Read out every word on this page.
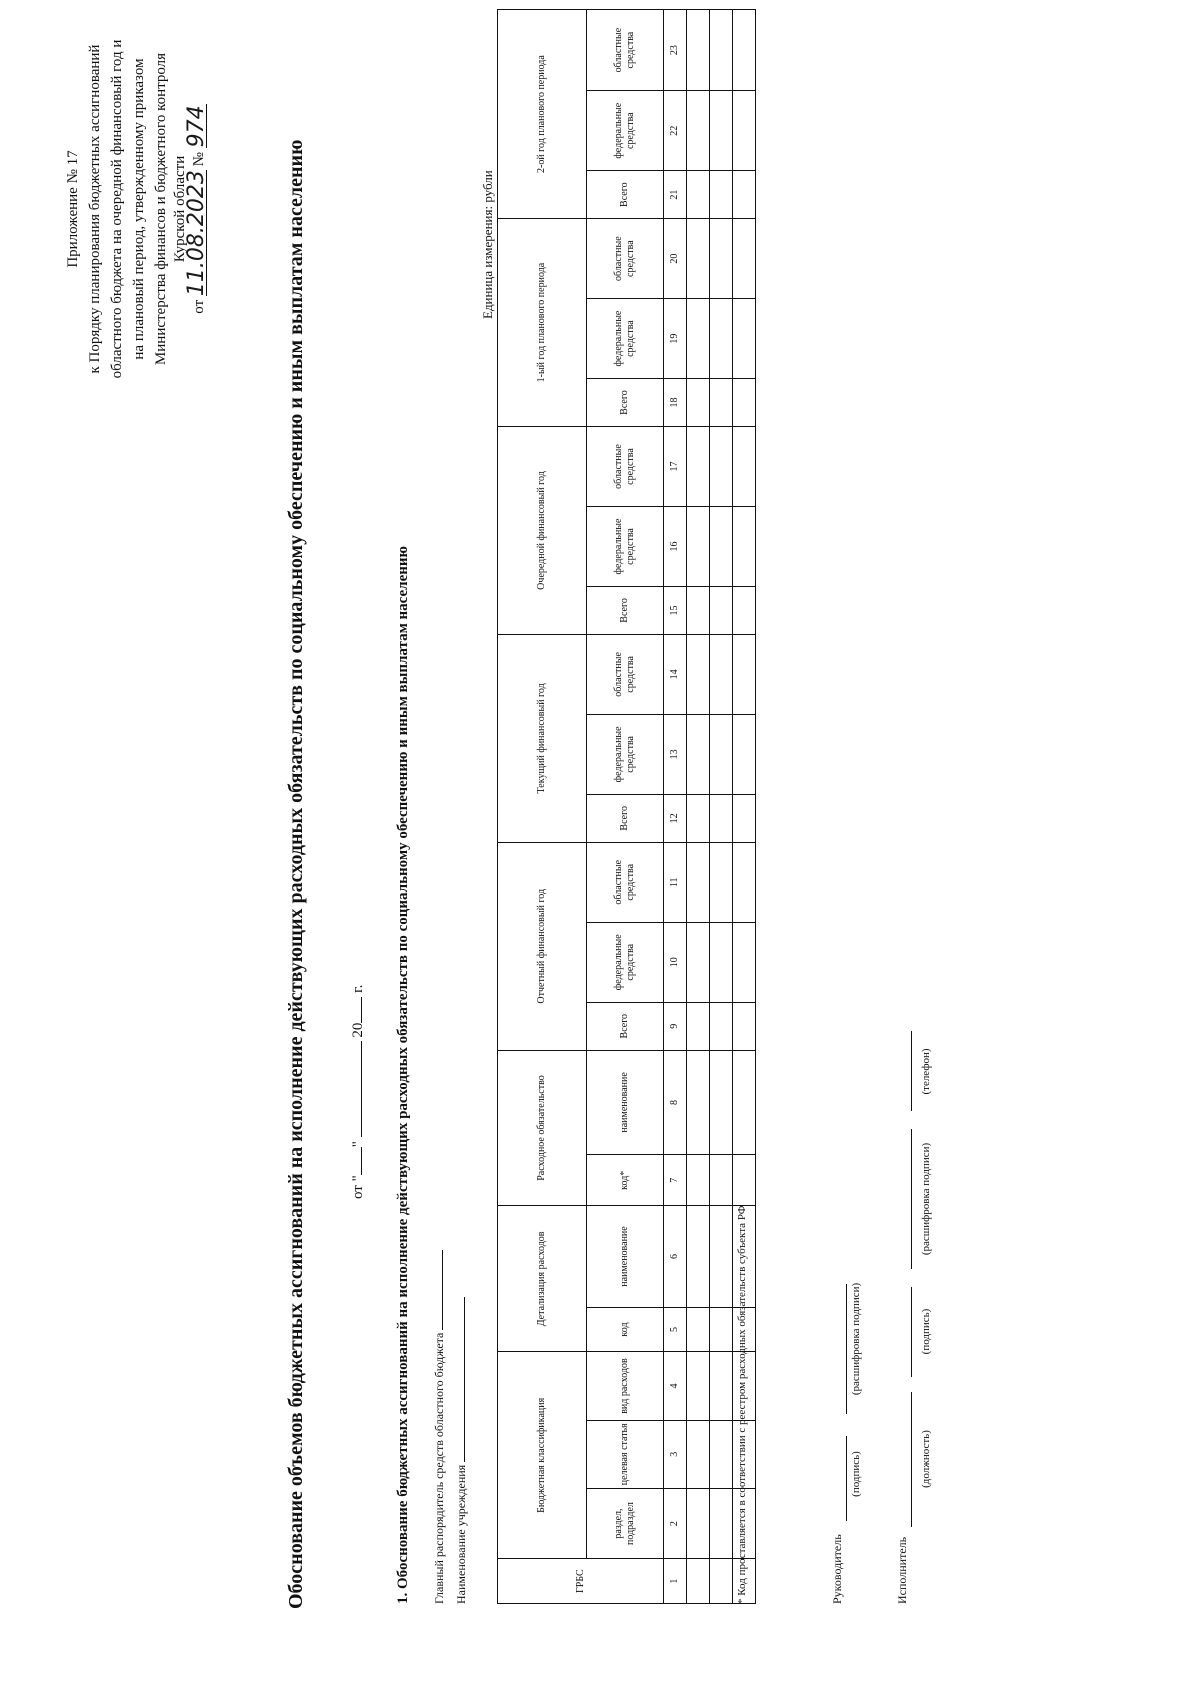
Приложение № 17 к Порядку планирования бюджетных ассигнований областного бюджета на очередной финансовый год и на плановый период, утвержденному приказом Министерства финансов и бюджетного контроля Курской области
от 11.08.2023 № 974
Обоснование объемов бюджетных ассигнований на исполнение действующих расходных обязательств по социальному обеспечению и иным выплатам населению	от ""  20 г. 1. Обоснование бюджетных ассигнований на исполнение действующих расходных обязательств по социальному обеспечению и иным выплатам населению Главный распорядитель средств областного бюджета Наименование учреждения
Единица измерения: рубли
ГРБС	Бюджетная классификация			Детализация расходов		Расходное обязательство		Отчетный финансовый год			Текущий финансовый год			Очередной финансовый год			1-ый год планового периода			2-ой год планового периода		
	раздел, подраздел	целевая статья	вид расходов	код	наименование	код*	наименование	Всего	федеральные средства	областные средства	Всего	федеральные средства	областные средства	Всего	федеральные средства	областные средства	Всего	федеральные средства	областные средства	Всего	федеральные средства	областные средства
1	2	3	4	5	6	7	8	9	10	11	12	13	14	15	16	17	18	19	20	21	22	23

* Код проставляется в соответствии с реестром расходных обязательств субъекта РФ	Руководитель
(подпись)
(расшифровка подписи)
Исполнитель
(должность)
(подпись)
(расшифровка подписи)
(телефон)
